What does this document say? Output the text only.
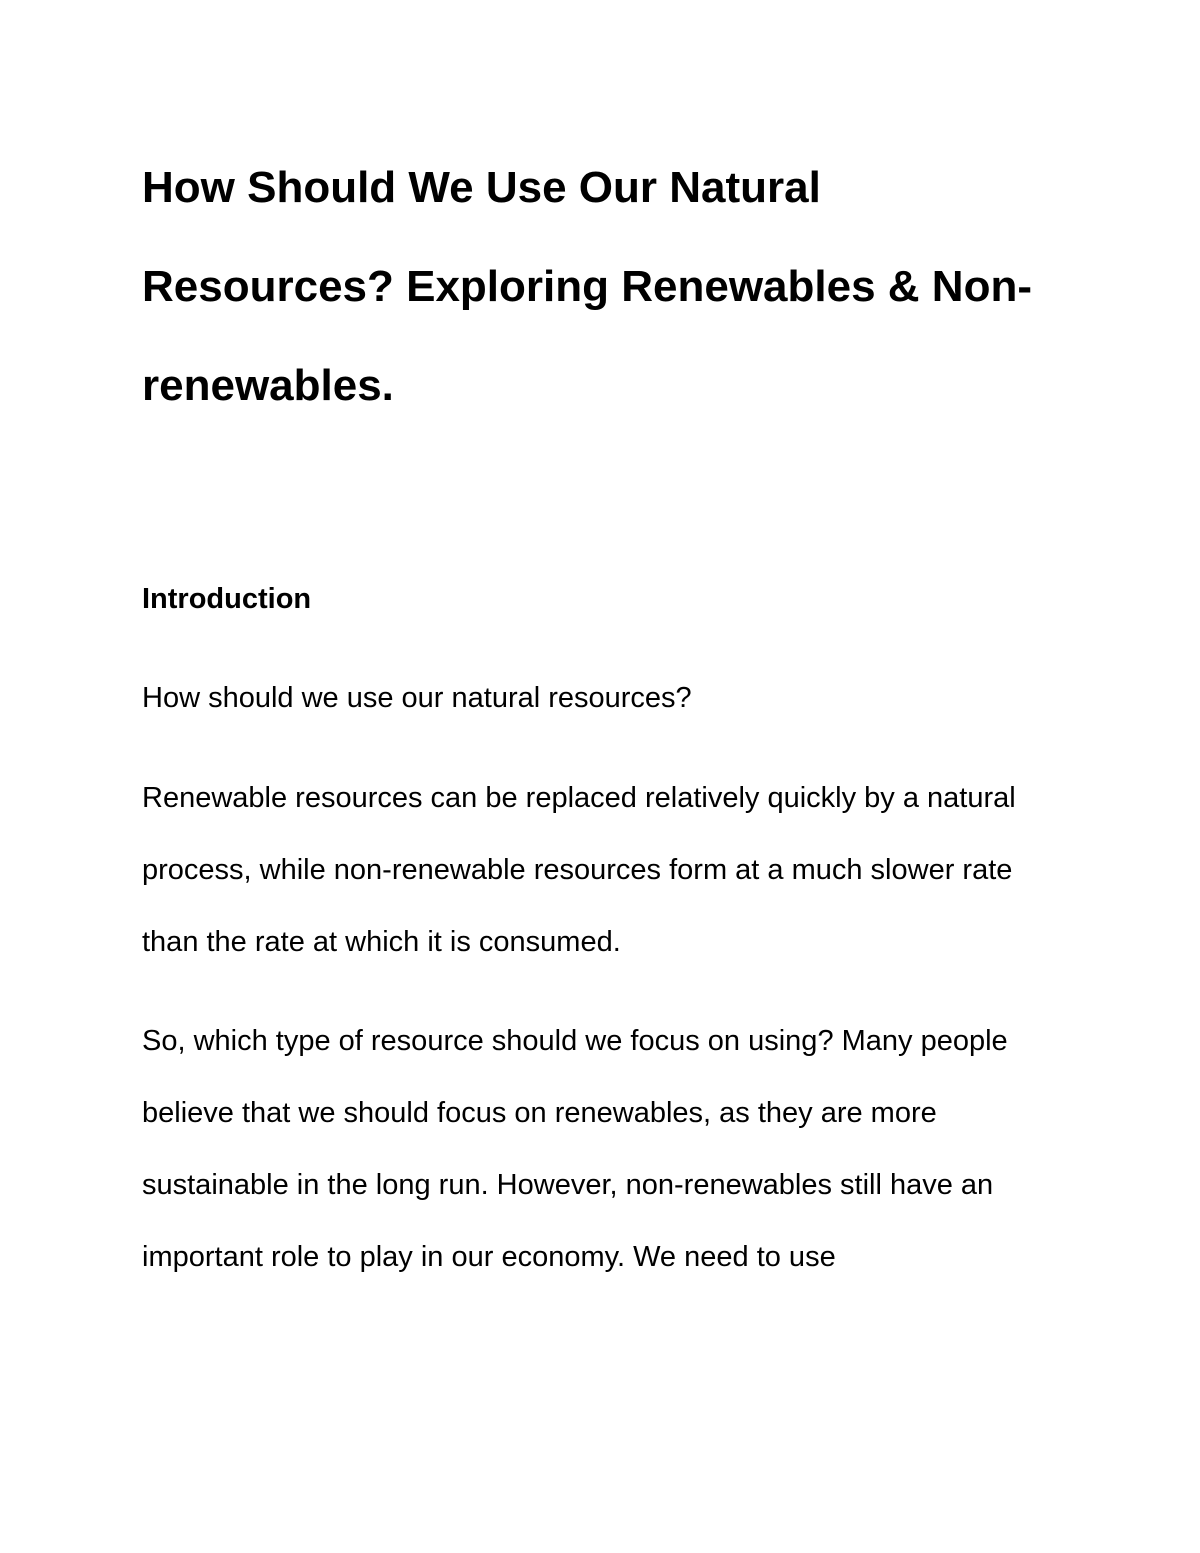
How Should We Use Our Natural Resources? Exploring Renewables & Non-renewables.
Introduction

How should we use our natural resources?

Renewable resources can be replaced relatively quickly by a natural process, while non-renewable resources form at a much slower rate than the rate at which it is consumed.

So, which type of resource should we focus on using? Many people believe that we should focus on renewables, as they are more sustainable in the long run. However, non-renewables still have an important role to play in our economy. We need to use
